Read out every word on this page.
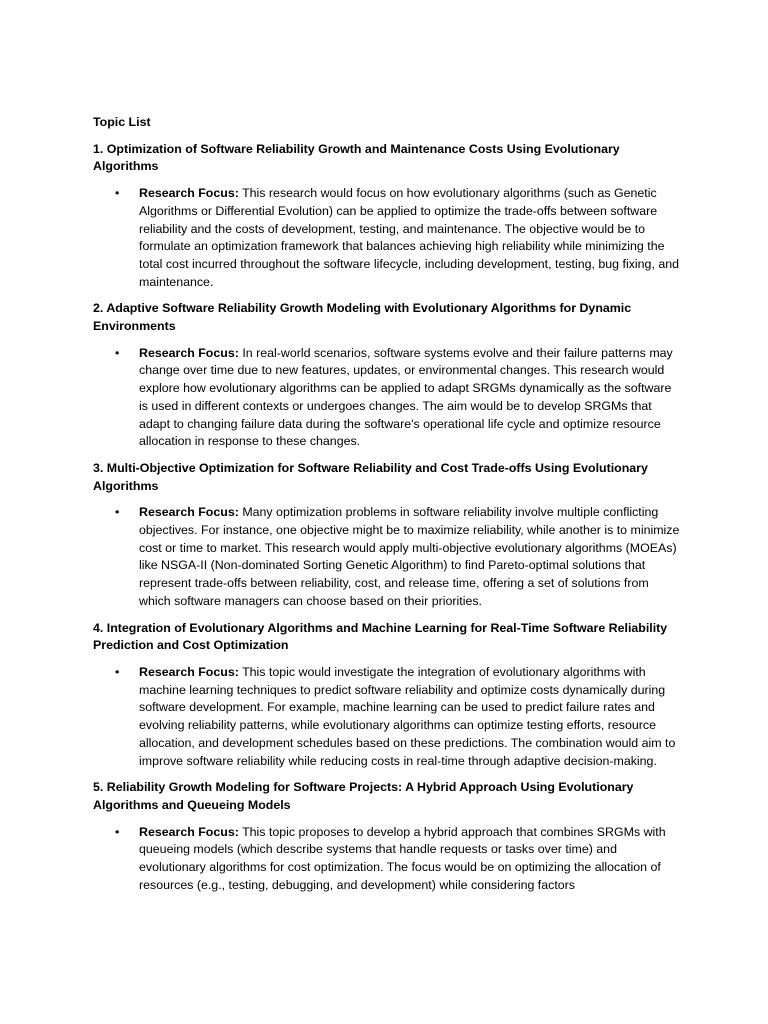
Topic List

1. Optimization of Software Reliability Growth and Maintenance Costs Using Evolutionary Algorithms

• Research Focus: This research would focus on how evolutionary algorithms (such as Genetic Algorithms or Differential Evolution) can be applied to optimize the trade-offs between software reliability and the costs of development, testing, and maintenance. The objective would be to formulate an optimization framework that balances achieving high reliability while minimizing the total cost incurred throughout the software lifecycle, including development, testing, bug fixing, and maintenance.

2. Adaptive Software Reliability Growth Modeling with Evolutionary Algorithms for Dynamic Environments

• Research Focus: In real-world scenarios, software systems evolve and their failure patterns may change over time due to new features, updates, or environmental changes. This research would explore how evolutionary algorithms can be applied to adapt SRGMs dynamically as the software is used in different contexts or undergoes changes. The aim would be to develop SRGMs that adapt to changing failure data during the software's operational life cycle and optimize resource allocation in response to these changes.

3. Multi-Objective Optimization for Software Reliability and Cost Trade-offs Using Evolutionary Algorithms

• Research Focus: Many optimization problems in software reliability involve multiple conflicting objectives. For instance, one objective might be to maximize reliability, while another is to minimize cost or time to market. This research would apply multi-objective evolutionary algorithms (MOEAs) like NSGA-II (Non-dominated Sorting Genetic Algorithm) to find Pareto-optimal solutions that represent trade-offs between reliability, cost, and release time, offering a set of solutions from which software managers can choose based on their priorities.

4. Integration of Evolutionary Algorithms and Machine Learning for Real-Time Software Reliability Prediction and Cost Optimization

• Research Focus: This topic would investigate the integration of evolutionary algorithms with machine learning techniques to predict software reliability and optimize costs dynamically during software development. For example, machine learning can be used to predict failure rates and evolving reliability patterns, while evolutionary algorithms can optimize testing efforts, resource allocation, and development schedules based on these predictions. The combination would aim to improve software reliability while reducing costs in real-time through adaptive decision-making.

5. Reliability Growth Modeling for Software Projects: A Hybrid Approach Using Evolutionary Algorithms and Queueing Models

• Research Focus: This topic proposes to develop a hybrid approach that combines SRGMs with queueing models (which describe systems that handle requests or tasks over time) and evolutionary algorithms for cost optimization. The focus would be on optimizing the allocation of resources (e.g., testing, debugging, and development) while considering factors
